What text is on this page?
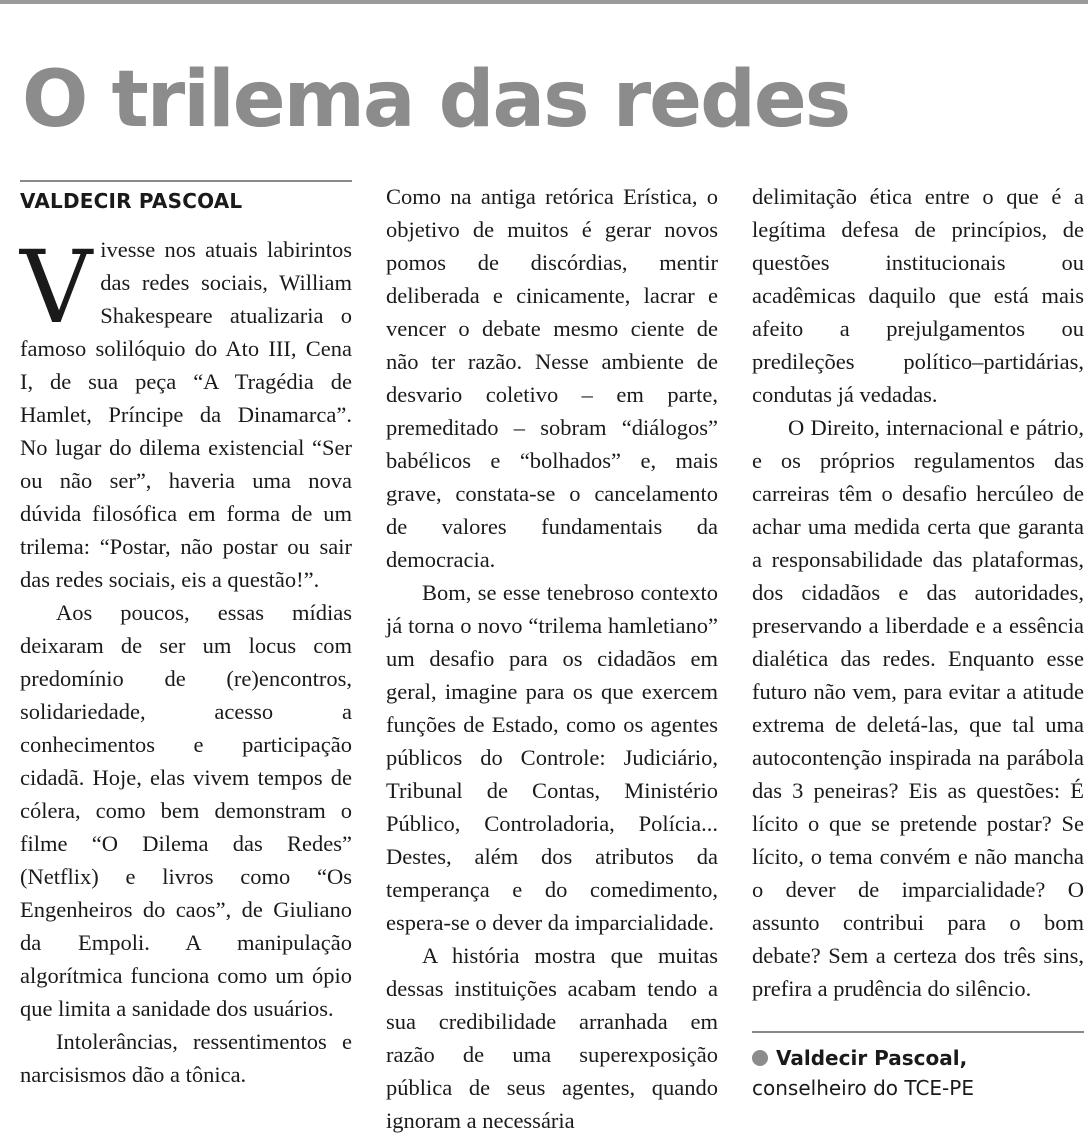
O trilema das redes
VALDECIR PASCOAL

Vivesse nos atuais labirintos das redes sociais, William Shakespeare atualizaria o famoso solilóquio do Ato III, Cena I, de sua peça “A Tragédia de Hamlet, Príncipe da Dinamarca”. No lugar do dilema existencial “Ser ou não ser”, haveria uma nova dúvida filosófica em forma de um trilema: “Postar, não postar ou sair das redes sociais, eis a questão!”.

Aos poucos, essas mídias deixaram de ser um locus com predomínio de (re)encontros, solidariedade, acesso a conhecimentos e participação cidadã. Hoje, elas vivem tempos de cólera, como bem demonstram o filme “O Dilema das Redes” (Netflix) e livros como “Os Engenheiros do caos”, de Giuliano da Empoli. A manipulação algorítmica funciona como um ópio que limita a sanidade dos usuários.

Intolerâncias, ressentimentos e narcisismos dão a tônica.

Como na antiga retórica Erística, o objetivo de muitos é gerar novos pomos de discórdias, mentir deliberada e cinicamente, lacrar e vencer o debate mesmo ciente de não ter razão. Nesse ambiente de desvario coletivo – em parte, premeditado – sobram “diálogos” babélicos e “bolhados” e, mais grave, constata-se o cancelamento de valores fundamentais da democracia.

Bom, se esse tenebroso contexto já torna o novo “trilema hamletiano” um desafio para os cidadãos em geral, imagine para os que exercem funções de Estado, como os agentes públicos do Controle: Judiciário, Tribunal de Contas, Ministério Público, Controladoria, Polícia... Destes, além dos atributos da temperança e do comedimento, espera-se o dever da imparcialidade.

A história mostra que muitas dessas instituições acabam tendo a sua credibilidade arranhada em razão de uma superexposição pública de seus agentes, quando ignoram a necessária

delimitação ética entre o que é a legítima defesa de princípios, de questões institucionais ou acadêmicas daquilo que está mais afeito a prejulgamentos ou predileções político–partidárias, condutas já vedadas.

O Direito, internacional e pátrio, e os próprios regulamentos das carreiras têm o desafio hercúleo de achar uma medida certa que garanta a responsabilidade das plataformas, dos cidadãos e das autoridades, preservando a liberdade e a essência dialética das redes. Enquanto esse futuro não vem, para evitar a atitude extrema de deletá-las, que tal uma autocontenção inspirada na parábola das 3 peneiras? Eis as questões: É lícito o que se pretende postar? Se lícito, o tema convém e não mancha o dever de imparcialidade? O assunto contribui para o bom debate? Sem a certeza dos três sins, prefira a prudência do silêncio.

Valdecir Pascoal,
conselheiro do TCE-PE
